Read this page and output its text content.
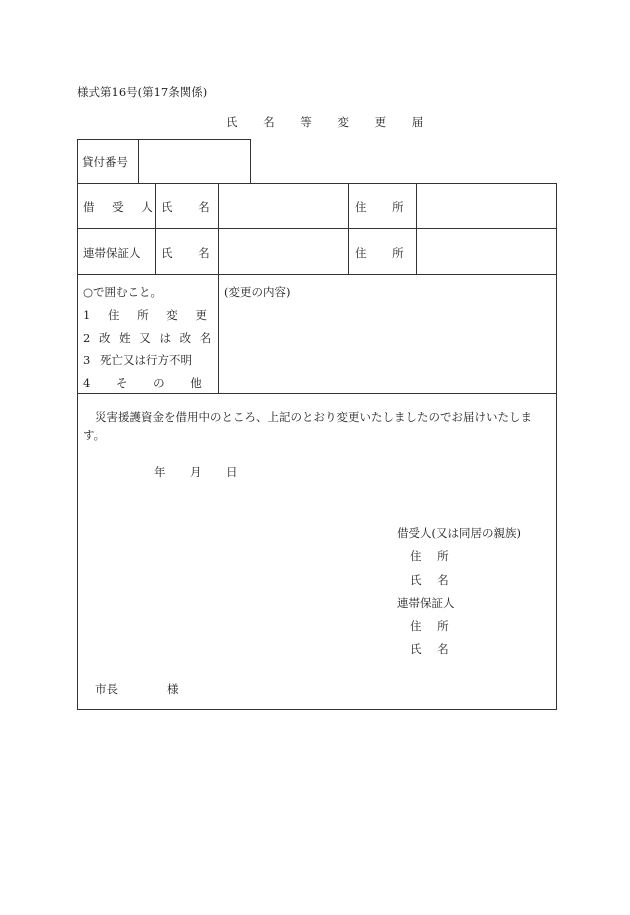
様式第16号(第17条関係)
氏 名 等 変 更 届
貸付番号
借 受 人 氏 名	住 所
連帯保証人 氏 名	住 所
○で囲むこと。
1 住 所 変 更
2 改 姓 又 は 改 名
3 死亡又は行方不明
4 そ の 他
(変更の内容)
災害援護資金を借用中のところ、上記のとおり変更いたしましたのでお届けいたしま
す。
年 月 日
借受人(又は同居の親族)
住 所
氏 名
連帯保証人
住 所
氏 名
市長	様
